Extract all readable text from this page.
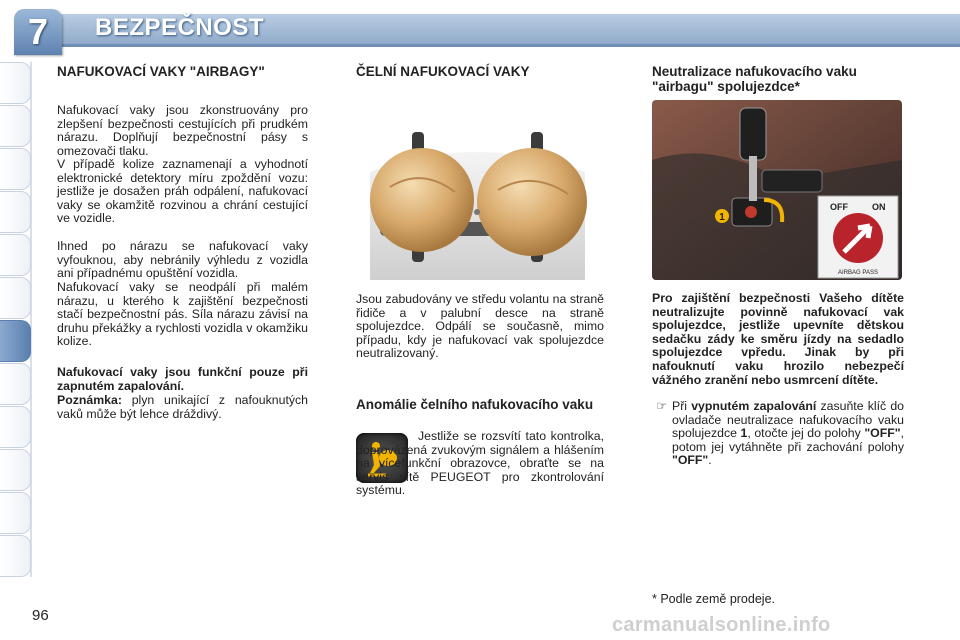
7	BEZPEČNOST
NAFUKOVACÍ VAKY "AIRBAGY"
Nafukovací vaky jsou zkonstruovány pro zlepšení bezpečnosti cestujících při prudkém nárazu. Doplňují bezpečnostní pásy s omezovači tlaku.
V případě kolize zaznamenají a vyhodnotí elektronické detektory míru zpoždění vozu: jestliže je dosažen práh odpálení, nafukovací vaky se okamžitě rozvinou a chrání cestující ve vozidle.
Ihned po nárazu se nafukovací vaky vyfouknou, aby nebránily výhledu z vozidla ani případnému opuštění vozidla.
Nafukovací vaky se neodpálí při malém nárazu, u kterého k zajištění bezpečnosti stačí bezpečnostní pás. Síla nárazu závisí na druhu překážky a rychlosti vozidla v okamžiku kolize.
Nafukovací vaky jsou funkční pouze při zapnutém zapalování.
Poznámka: plyn unikající z nafouknutých vaků může být lehce dráždivý.
ČELNÍ NAFUKOVACÍ VAKY
Jsou zabudovány ve středu volantu na straně řidiče a v palubní desce na straně spolujezdce. Odpálí se současně, mimo případu, kdy je nafukovací vak spolujezdce neutralizovaný.
Anomálie čelního nafukovacího vaku
Jestliže se rozsvítí tato kontrolka, doprovázená zvukovým signálem a hlášením na vícefunkční obrazovce, obraťte se na servis sítě PEUGEOT pro zkontrolování systému.
Neutralizace nafukovacího vaku "airbagu" spolujezdce*
1
OFF	ON
AIRBAG PASS
Pro zajištění bezpečnosti Vašeho dítěte neutralizujte povinně nafukovací vak spolujezdce, jestliže upevníte dětskou sedačku zády ke směru jízdy na sedadlo spolujezdce vpředu. Jinak by při nafouknutí vaku hrozilo nebezpečí vážného zranění nebo usmrcení dítěte.
☞ Při vypnutém zapalování zasuňte klíč do ovladače neutralizace nafukovacího vaku spolujezdce 1, otočte jej do polohy "OFF", potom jej vytáhněte při zachování polohy "OFF".
* Podle země prodeje.
96	carmanualsonline.info
